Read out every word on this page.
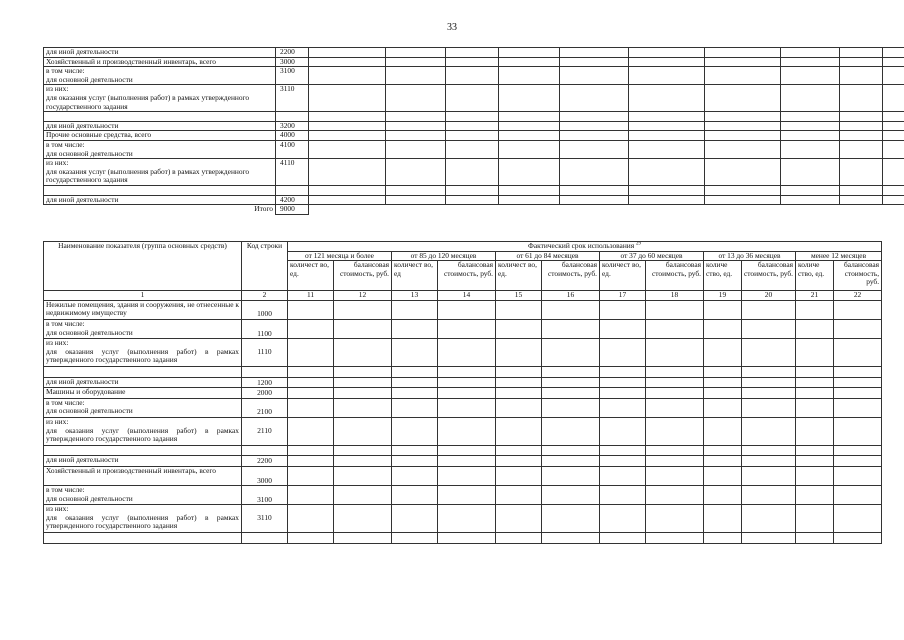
33
для иной деятельности	2200										
Хозяйственный и производственный инвентарь, всего	3000										
в том числе:
для основной деятельности	3100										
из них:
для оказания услуг (выполнения работ) в рамках утвержденного государственного задания	3110										

для иной деятельности	3200										
Прочие основные средства, всего	4000										
в том числе:
для основной деятельности	4100										
из них:
для оказания услуг (выполнения работ) в рамках утвержденного государственного задания	4110										

для иной деятельности	4200										
Итого	9000										
Наименование показателя (группа основных средств)	Код строки	Фактический срок использования $^{29}$
		от 121 месяца и более		от 85 до 120 месяцев		от 61 до 84 месяцев		от 37 до 60 месяцев		от 13 до 36 месяцев		менее 12 месяцев	
		количест во, ед.	балансовая стоимость, руб.	количест во, ед	балансовая стоимость, руб.	количест во, ед.	балансовая стоимость, руб.	количест во, ед.	балансовая стоимость, руб.	количе ство, ед.	балансовая стоимость, руб.	количе ство, ед.	балансовая стоимость, руб.
1	2	11	12	13	14	15	16	17	18	19	20	21	22
Нежилые помещения, здания и сооружения, не отнесенные к недвижимому имуществу	1000												
в том числе:
для основной деятельности	1100												
из них:
для оказания услуг (выполнения работ) в рамках утвержденного государственного задания	1110												

для иной деятельности	1200												
Машины и оборудование	2000												
в том числе:
для основной деятельности	2100												
из них:
для оказания услуг (выполнения работ) в рамках утвержденного государственного задания	2110												

для иной деятельности	2200												
Хозяйственный и производственный инвентарь, всего	3000												
в том числе:
для основной деятельности	3100												
из них:
для оказания услуг (выполнения работ) в рамках утвержденного государственного задания	3110												
